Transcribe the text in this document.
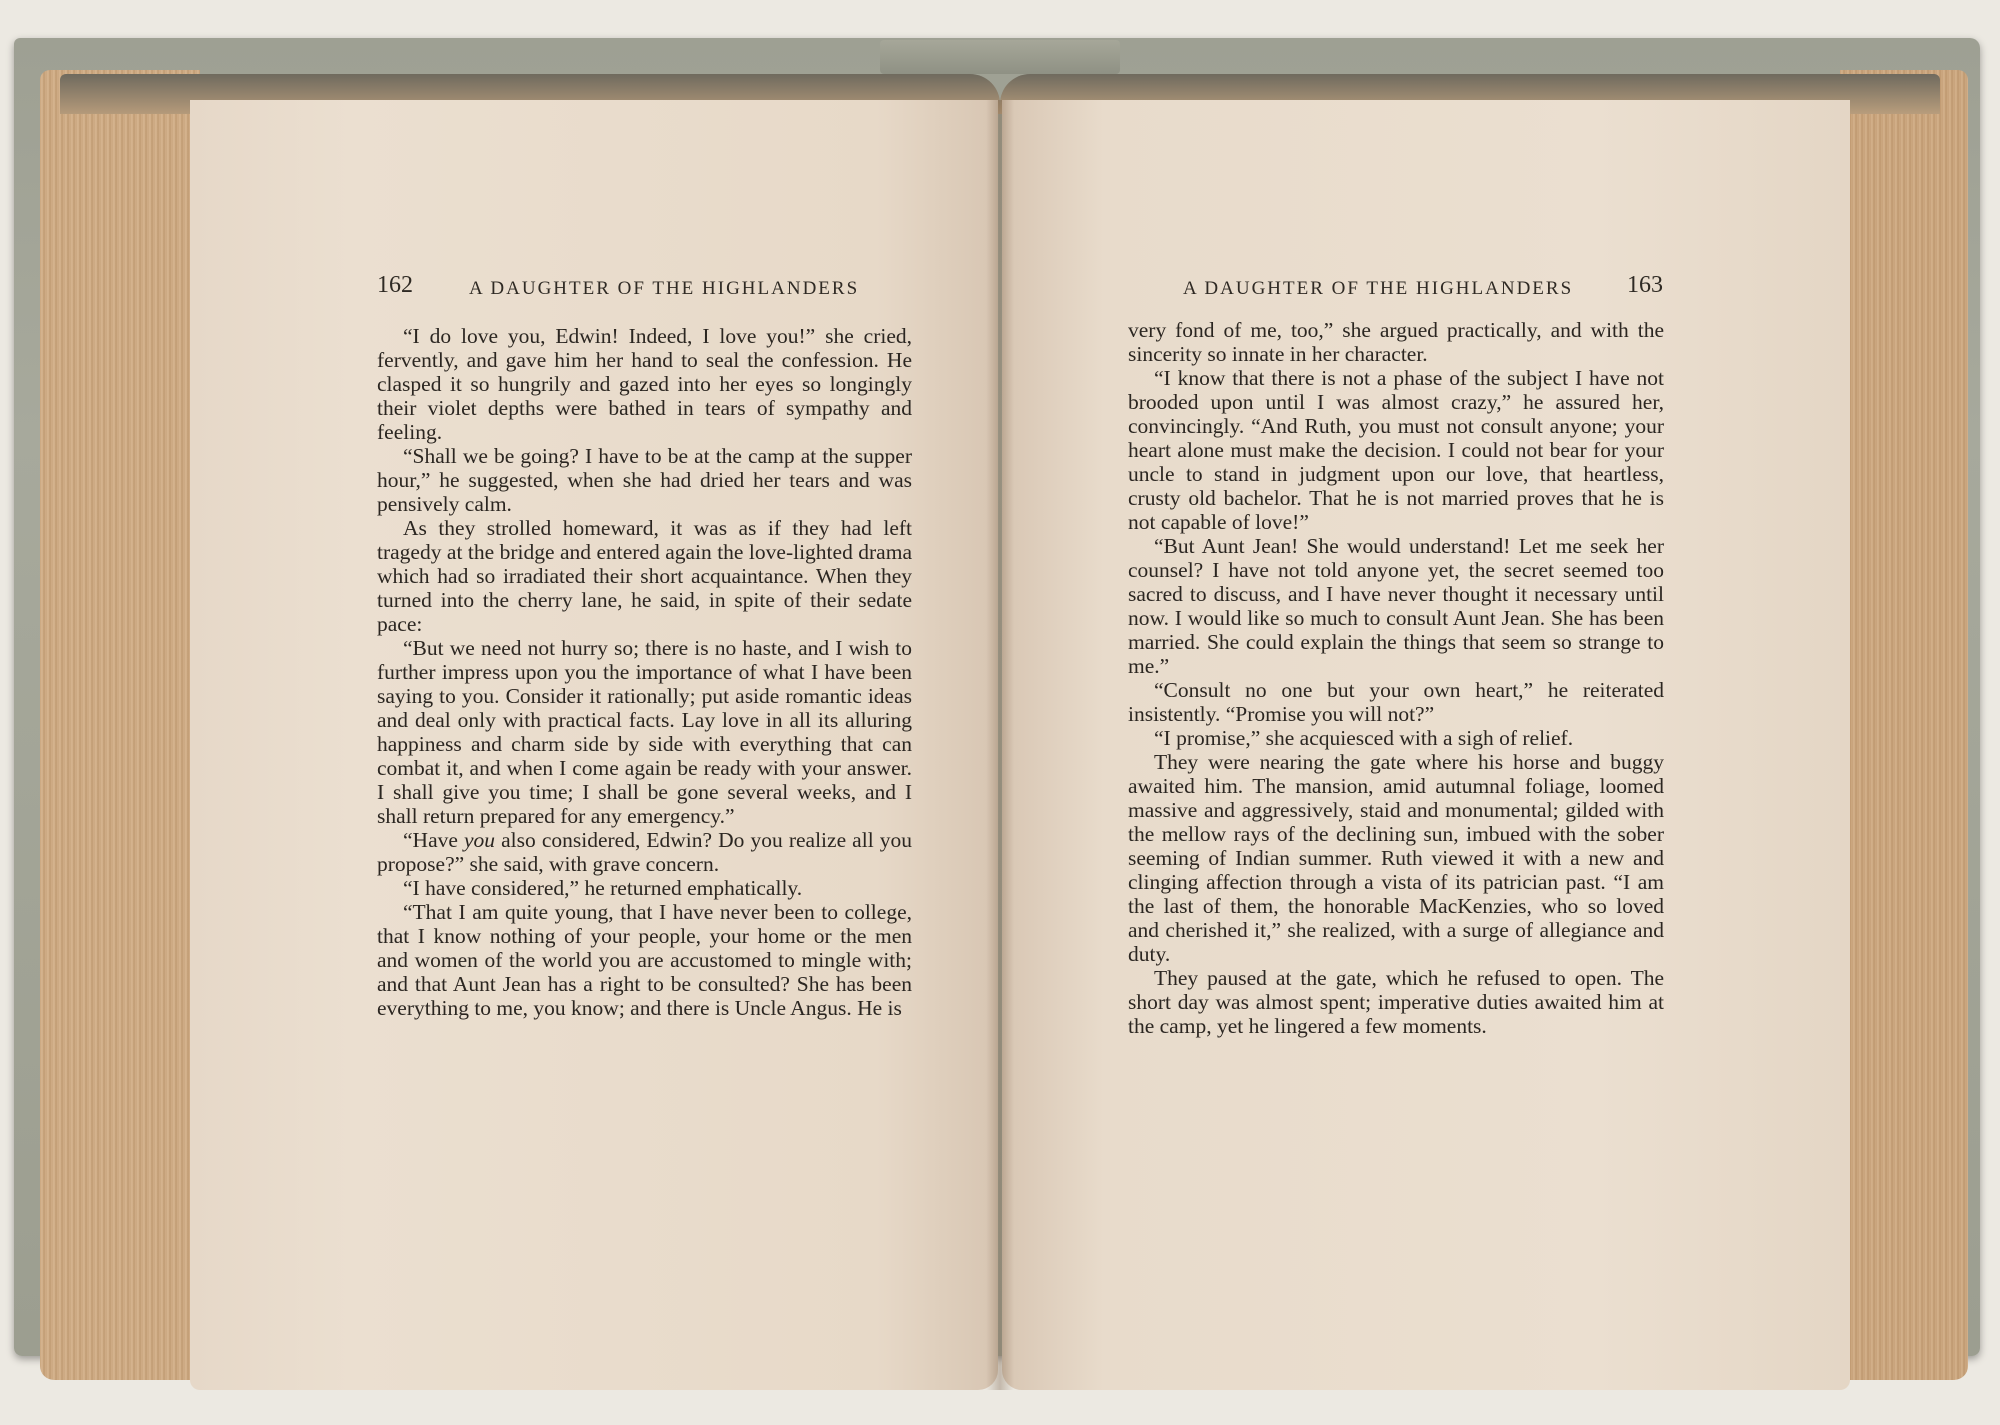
162	A DAUGHTER OF THE HIGHLANDERS	A DAUGHTER OF THE HIGHLANDERS 163

“I do love you, Edwin! Indeed, I love you!” she cried, fervently, and gave him her hand to seal the confession. He clasped it so hungrily and gazed into her eyes so longingly their violet depths were bathed in tears of sympathy and feeling.

“Shall we be going? I have to be at the camp at the supper hour,” he suggested, when she had dried her tears and was pensively calm.

As they strolled homeward, it was as if they had left tragedy at the bridge and entered again the love-lighted drama which had so irradiated their short acquaintance. When they turned into the cherry lane, he said, in spite of their sedate pace:

“But we need not hurry so; there is no haste, and I wish to further impress upon you the importance of what I have been saying to you. Consider it rationally; put aside romantic ideas and deal only with practical facts. Lay love in all its alluring happiness and charm side by side with everything that can combat it, and when I come again be ready with your answer. I shall give you time; I shall be gone several weeks, and I shall return prepared for any emergency.”

“Have you also considered, Edwin? Do you realize all you propose?” she said, with grave concern.

“I have considered,” he returned emphatically.

“That I am quite young, that I have never been to college, that I know nothing of your people, your home or the men and women of the world you are accustomed to mingle with; and that Aunt Jean has a right to be consulted? She has been everything to me, you know; and there is Uncle Angus. He is

very fond of me, too,” she argued practically, and with the sincerity so innate in her character.

“I know that there is not a phase of the subject I have not brooded upon until I was almost crazy,” he assured her, convincingly. “And Ruth, you must not consult anyone; your heart alone must make the decision. I could not bear for your uncle to stand in judgment upon our love, that heartless, crusty old bachelor. That he is not married proves that he is not capable of love!”

“But Aunt Jean! She would understand! Let me seek her counsel? I have not told anyone yet, the secret seemed too sacred to discuss, and I have never thought it necessary until now. I would like so much to consult Aunt Jean. She has been married. She could explain the things that seem so strange to me.”

“Consult no one but your own heart,” he reiterated insistently. “Promise you will not?”

“I promise,” she acquiesced with a sigh of relief.

They were nearing the gate where his horse and buggy awaited him. The mansion, amid autumnal foliage, loomed massive and aggressively, staid and monumental; gilded with the mellow rays of the declining sun, imbued with the sober seeming of Indian summer. Ruth viewed it with a new and clinging affection through a vista of its patrician past. “I am the last of them, the honorable MacKenzies, who so loved and cherished it,” she realized, with a surge of allegiance and duty.

They paused at the gate, which he refused to open. The short day was almost spent; imperative duties awaited him at the camp, yet he lingered a few moments.
